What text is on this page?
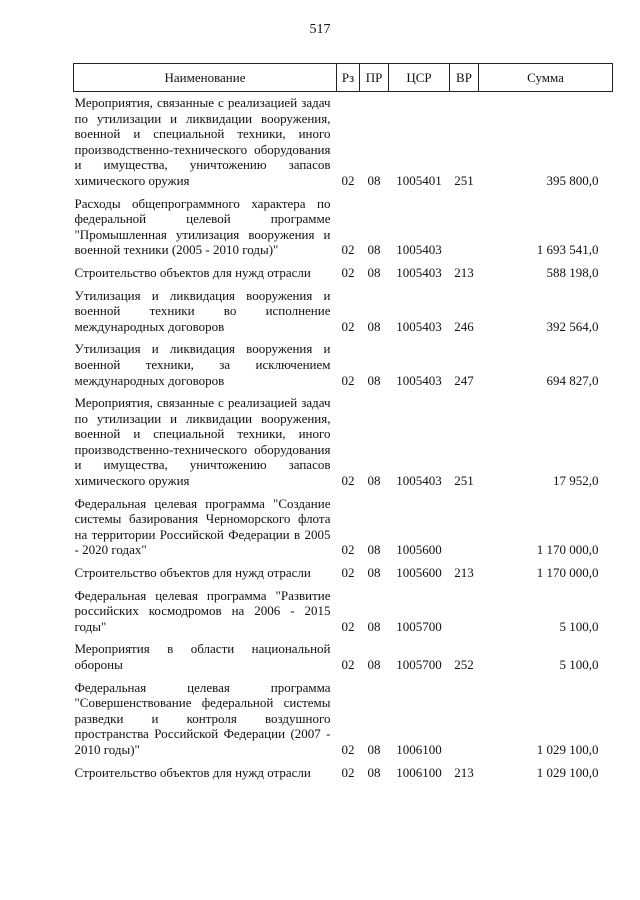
517
Наименование	Рз	ПР	ЦСР	ВР	Сумма
Мероприятия, связанные с реализацией задач по утилизации и ликвидации вооружения, военной и специальной техники, иного производственно-технического оборудования и имущества, уничтожению запасов химического оружия	02	08	1005401	251	395 800,0
Расходы общепрограммного характера по федеральной целевой программе "Промышленная утилизация вооружения и военной техники (2005 - 2010 годы)"	02	08	1005403		1 693 541,0
Строительство объектов для нужд отрасли	02	08	1005403	213	588 198,0
Утилизация и ликвидация вооружения и военной техники во исполнение международных договоров	02	08	1005403	246	392 564,0
Утилизация и ликвидация вооружения и военной техники, за исключением международных договоров	02	08	1005403	247	694 827,0
Мероприятия, связанные с реализацией задач по утилизации и ликвидации вооружения, военной и специальной техники, иного производственно-технического оборудования и имущества, уничтожению запасов химического оружия	02	08	1005403	251	17 952,0
Федеральная целевая программа "Создание системы базирования Черноморского флота на территории Российской Федерации в 2005 - 2020 годах"	02	08	1005600		1 170 000,0
Строительство объектов для нужд отрасли	02	08	1005600	213	1 170 000,0
Федеральная целевая программа "Развитие российских космодромов на 2006 - 2015 годы"	02	08	1005700		5 100,0
Мероприятия в области национальной обороны	02	08	1005700	252	5 100,0
Федеральная целевая программа "Совершенствование федеральной системы разведки и контроля воздушного пространства Российской Федерации (2007 - 2010 годы)"	02	08	1006100		1 029 100,0
Строительство объектов для нужд отрасли	02	08	1006100	213	1 029 100,0
